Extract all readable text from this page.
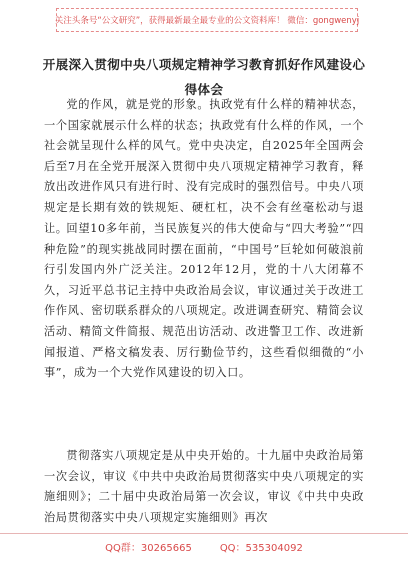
关注头条号“公文研究”，获得最新最全最专业的公文资料库！ 微信：gongwenyj
开展深入贯彻中央八项规定精神学习教育抓好作风建设心
得体会

党的作风，就是党的形象。执政党有什么样的精神状态，一个国家就展示什么样的状态；执政党有什么样的作风，一个社会就呈现什么样的风气。党中央决定，自2025年全国两会后至7月在全党开展深入贯彻中央八项规定精神学习教育，释放出改进作风只有进行时、没有完成时的强烈信号。中央八项规定是长期有效的铁规矩、硬杠杠，决不会有丝毫松动与退让。

回望10多年前，当民族复兴的伟大使命与“四大考验”“四种危险”的现实挑战同时摆在面前，“中国号”巨轮如何破浪前行引发国内外广泛关注。2012年12月，党的十八大闭幕不久，习近平总书记主持中央政治局会议，审议通过关于改进工作作风、密切联系群众的八项规定。改进调查研究、精简会议活动、精简文件简报、规范出访活动、改进警卫工作、改进新闻报道、严格文稿发表、厉行勤俭节约，这些看似细微的“小事”，成为一个大党作风建设的切入口。

贯彻落实八项规定是从中央开始的。十九届中央政治局第一次会议，审议《中共中央政治局贯彻落实中央八项规定的实施细则》；二十届中央政治局第一次会议，审议《中共中央政治局贯彻落实中央八项规定实施细则》再次

QQ群：30265665	QQ：535304092
